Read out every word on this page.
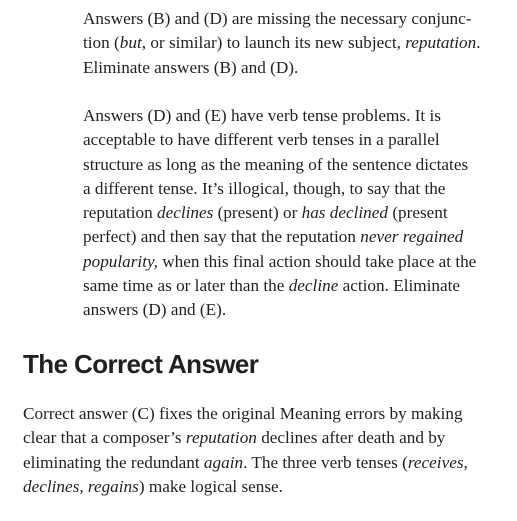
Answers (B) and (D) are missing the necessary conjunc-
tion (but, or similar) to launch its new subject, reputation.
Eliminate answers (B) and (D).

Answers (D) and (E) have verb tense problems. It is
acceptable to have different verb tenses in a parallel
structure as long as the meaning of the sentence dictates
a different tense. It’s illogical, though, to say that the
reputation declines (present) or has declined (present
perfect) and then say that the reputation never regained
popularity, when this final action should take place at the
same time as or later than the decline action. Eliminate
answers (D) and (E).

The Correct Answer

Correct answer (C) fixes the original Meaning errors by making
clear that a composer’s reputation declines after death and by
eliminating the redundant again. The three verb tenses (receives,
declines, regains) make logical sense.
